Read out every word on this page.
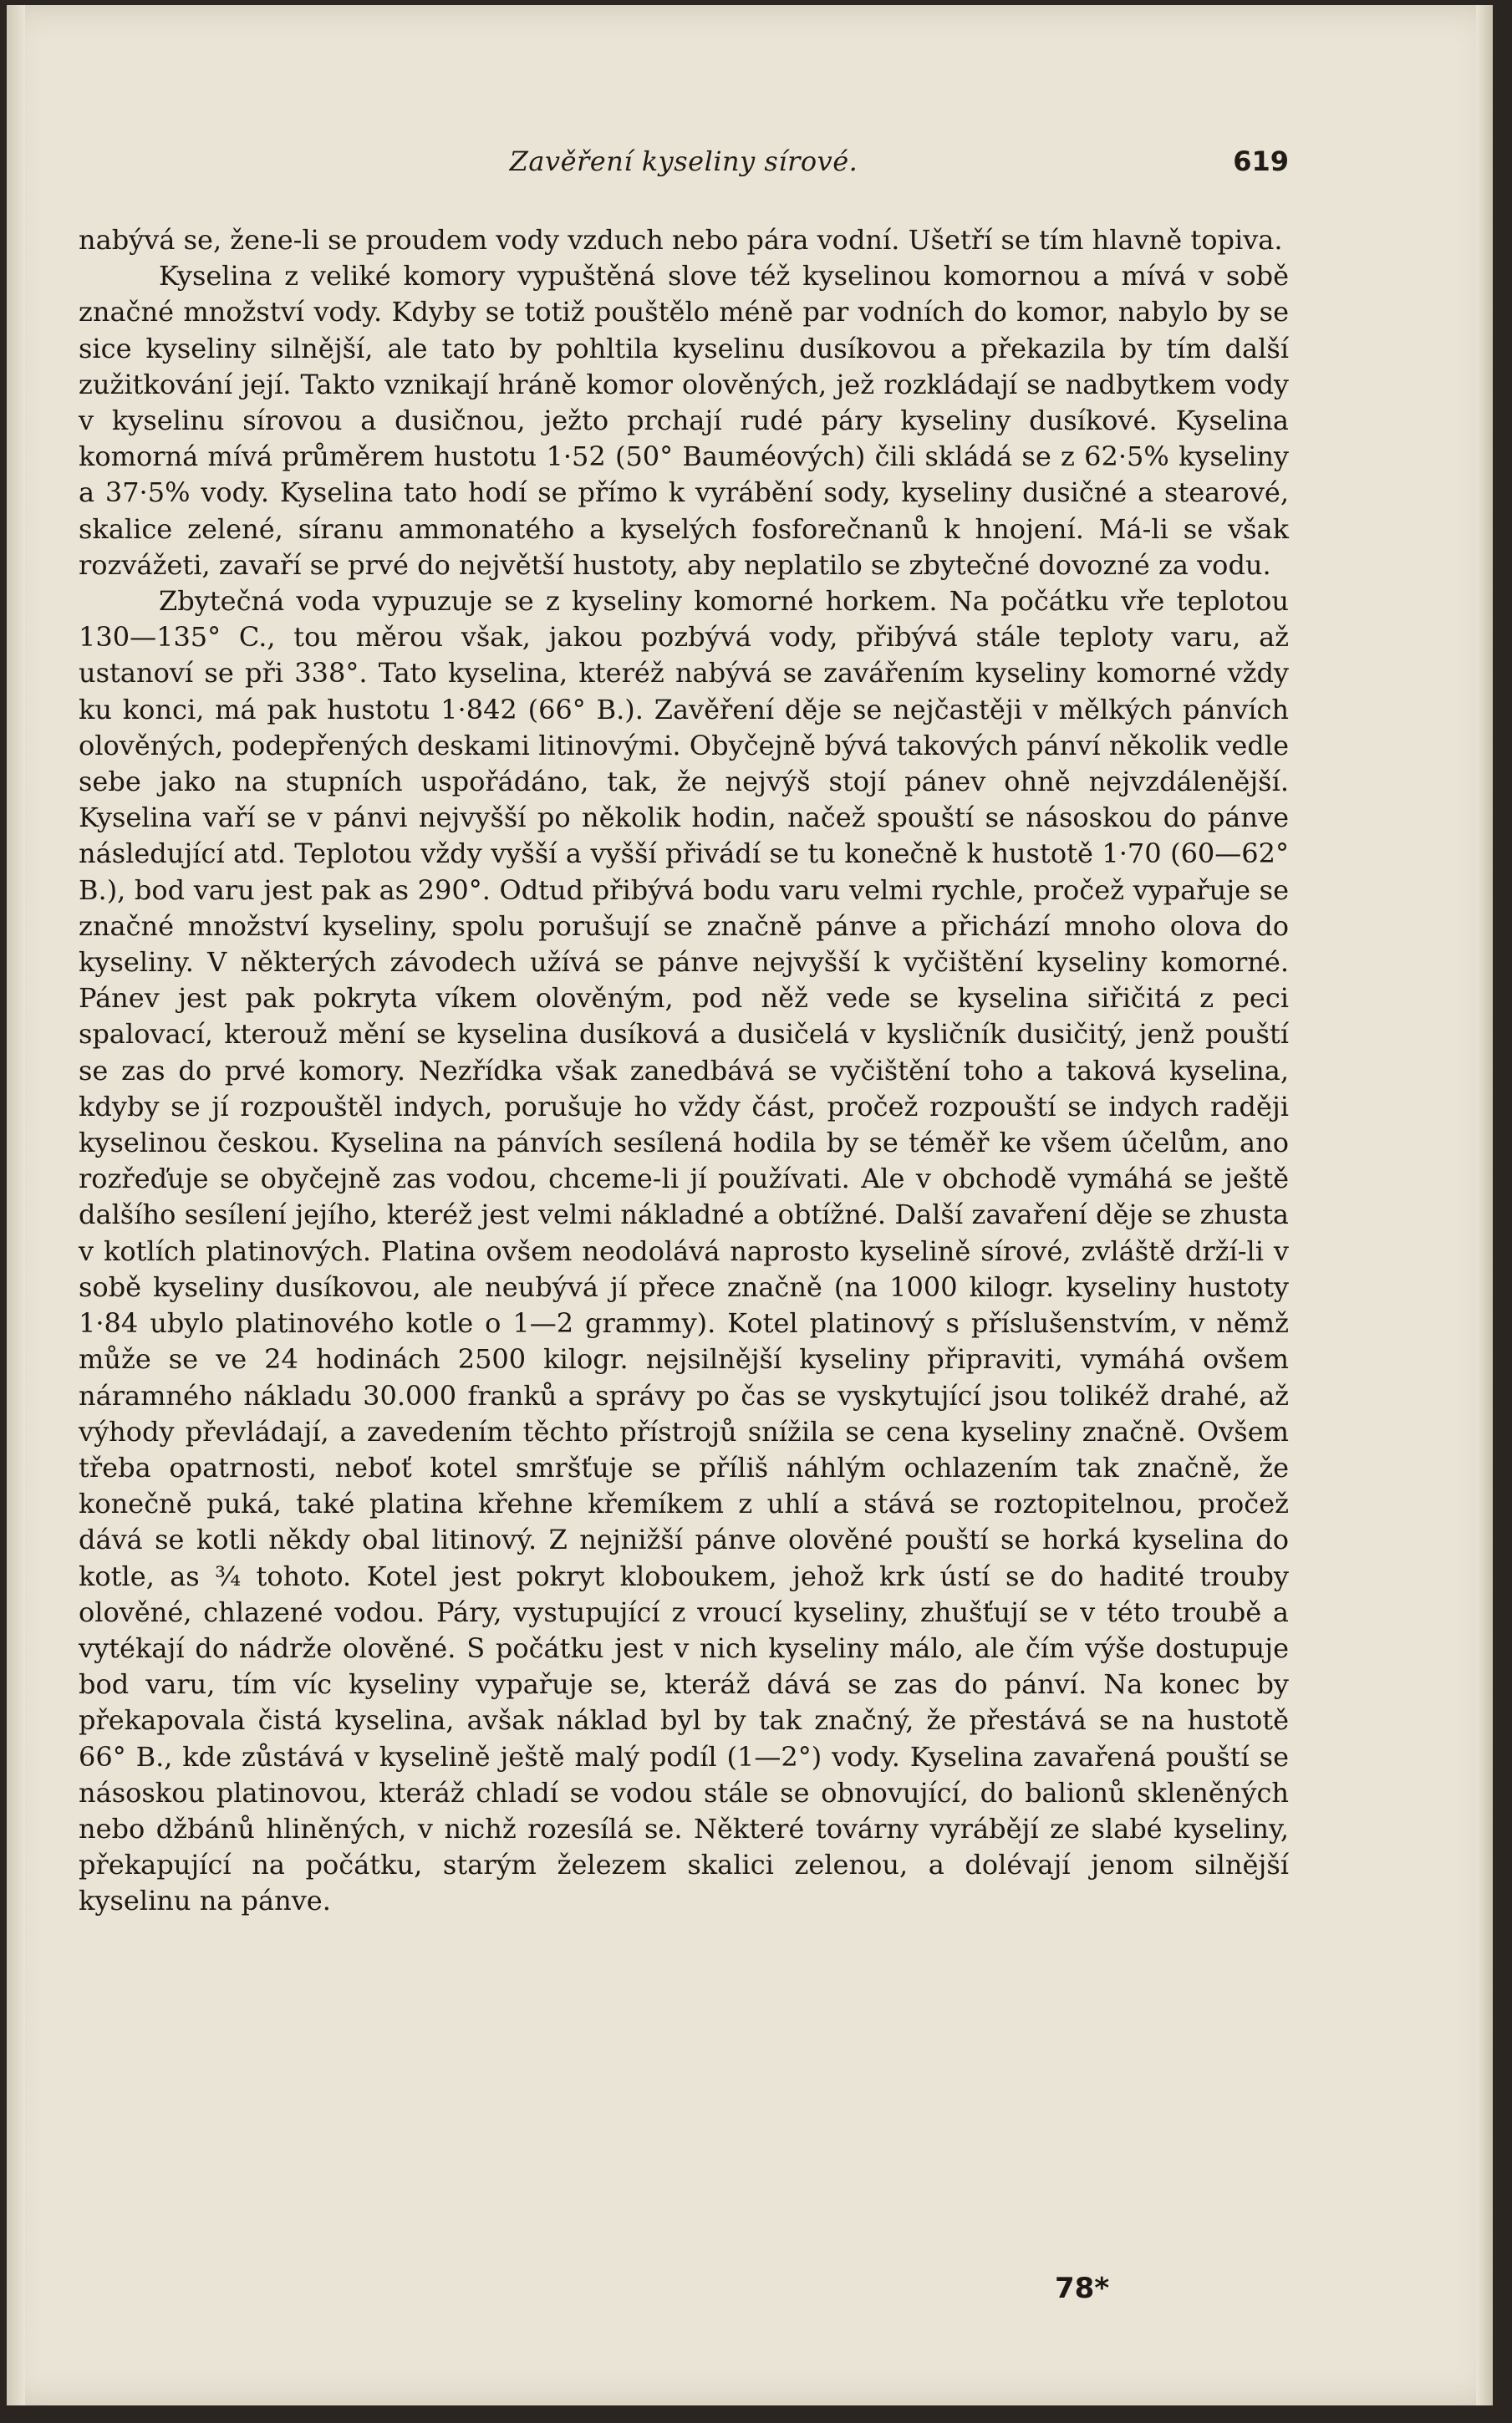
Zavěření kyseliny sírové.	619

nabývá se, žene-li se proudem vody vzduch nebo pára vodní. Ušetří se tím hlavně topiva.

Kyselina z veliké komory vypuštěná slove též kyselinou komornou a mívá v sobě značné množství vody. Kdyby se totiž pouštělo méně par vodních do komor, nabylo by se sice kyseliny silnější, ale tato by pohltila kyselinu dusíkovou a překazila by tím další zužitkování její. Takto vznikají hráně komor olověných, jež rozkládají se nadbytkem vody v kyselinu sírovou a dusičnou, ježto prchají rudé páry kyseliny dusíkové. Kyselina komorná mívá průměrem hustotu 1·52 (50° Bauméových) čili skládá se z 62·5% kyseliny a 37·5% vody. Kyselina tato hodí se přímo k vyrábění sody, kyseliny dusičné a stearové, skalice zelené, síranu ammonatého a kyselých fosforečnanů k hnojení. Má-li se však rozvážeti, zavaří se prvé do největší hustoty, aby neplatilo se zbytečné dovozné za vodu.

Zbytečná voda vypuzuje se z kyseliny komorné horkem. Na počátku vře teplotou 130—135° C., tou měrou však, jakou pozbývá vody, přibývá stále teploty varu, až ustanoví se při 338°. Tato kyselina, kteréž nabývá se zavářením kyseliny komorné vždy ku konci, má pak hustotu 1·842 (66° B.). Zavěření děje se nejčastěji v mělkých pánvích olověných, podepřených deskami litinovými. Obyčejně bývá takových pánví několik vedle sebe jako na stupních uspořádáno, tak, že nejvýš stojí pánev ohně nejvzdálenější. Kyselina vaří se v pánvi nejvyšší po několik hodin, načež spouští se násoskou do pánve následující atd. Teplotou vždy vyšší a vyšší přivádí se tu konečně k hustotě 1·70 (60—62° B.), bod varu jest pak as 290°. Odtud přibývá bodu varu velmi rychle, pročež vypařuje se značné množství kyseliny, spolu porušují se značně pánve a přichází mnoho olova do kyseliny. V některých závodech užívá se pánve nejvyšší k vyčištění kyseliny komorné. Pánev jest pak pokryta víkem olověným, pod něž vede se kyselina siřičitá z peci spalovací, kterouž mění se kyselina dusíková a dusičelá v kysličník dusičitý, jenž pouští se zas do prvé komory. Nezřídka však zanedbává se vyčištění toho a taková kyselina, kdyby se jí rozpouštěl indych, porušuje ho vždy část, pročež rozpouští se indych raději kyselinou českou. Kyselina na pánvích sesílená hodila by se téměř ke všem účelům, ano rozřeďuje se obyčejně zas vodou, chceme-li jí používati. Ale v obchodě vymáhá se ještě dalšího sesílení jejího, kteréž jest velmi nákladné a obtížné. Další zavaření děje se zhusta v kotlích platinových. Platina ovšem neodolává naprosto kyselině sírové, zvláště drží-li v sobě kyseliny dusíkovou, ale neubývá jí přece značně (na 1000 kilogr. kyseliny hustoty 1·84 ubylo platinového kotle o 1—2 grammy). Kotel platinový s příslušenstvím, v němž může se ve 24 hodinách 2500 kilogr. nejsilnější kyseliny připraviti, vymáhá ovšem náramného nákladu 30.000 franků a správy po čas se vyskytující jsou tolikéž drahé, až výhody převládají, a zavedením těchto přístrojů snížila se cena kyseliny značně. Ovšem třeba opatrnosti, neboť kotel smršťuje se příliš náhlým ochlazením tak značně, že konečně puká, také platina křehne křemíkem z uhlí a stává se roztopitelnou, pročež dává se kotli někdy obal litinový. Z nejnižší pánve olověné pouští se horká kyselina do kotle, as ¾ tohoto. Kotel jest pokryt kloboukem, jehož krk ústí se do hadité trouby olověné, chlazené vodou. Páry, vystupující z vroucí kyseliny, zhušťují se v této troubě a vytékají do nádrže olověné. S počátku jest v nich kyseliny málo, ale čím výše dostupuje bod varu, tím víc kyseliny vypařuje se, kteráž dává se zas do pánví. Na konec by překapovala čistá kyselina, avšak náklad byl by tak značný, že přestává se na hustotě 66° B., kde zůstává v kyselině ještě malý podíl (1—2°) vody. Kyselina zavařená pouští se násoskou platinovou, kteráž chladí se vodou stále se obnovující, do balionů skleněných nebo džbánů hliněných, v nichž rozesílá se. Některé továrny vyrábějí ze slabé kyseliny, překapující na počátku, starým železem skalici zelenou, a dolévají jenom silnější kyselinu na pánve.

78*
